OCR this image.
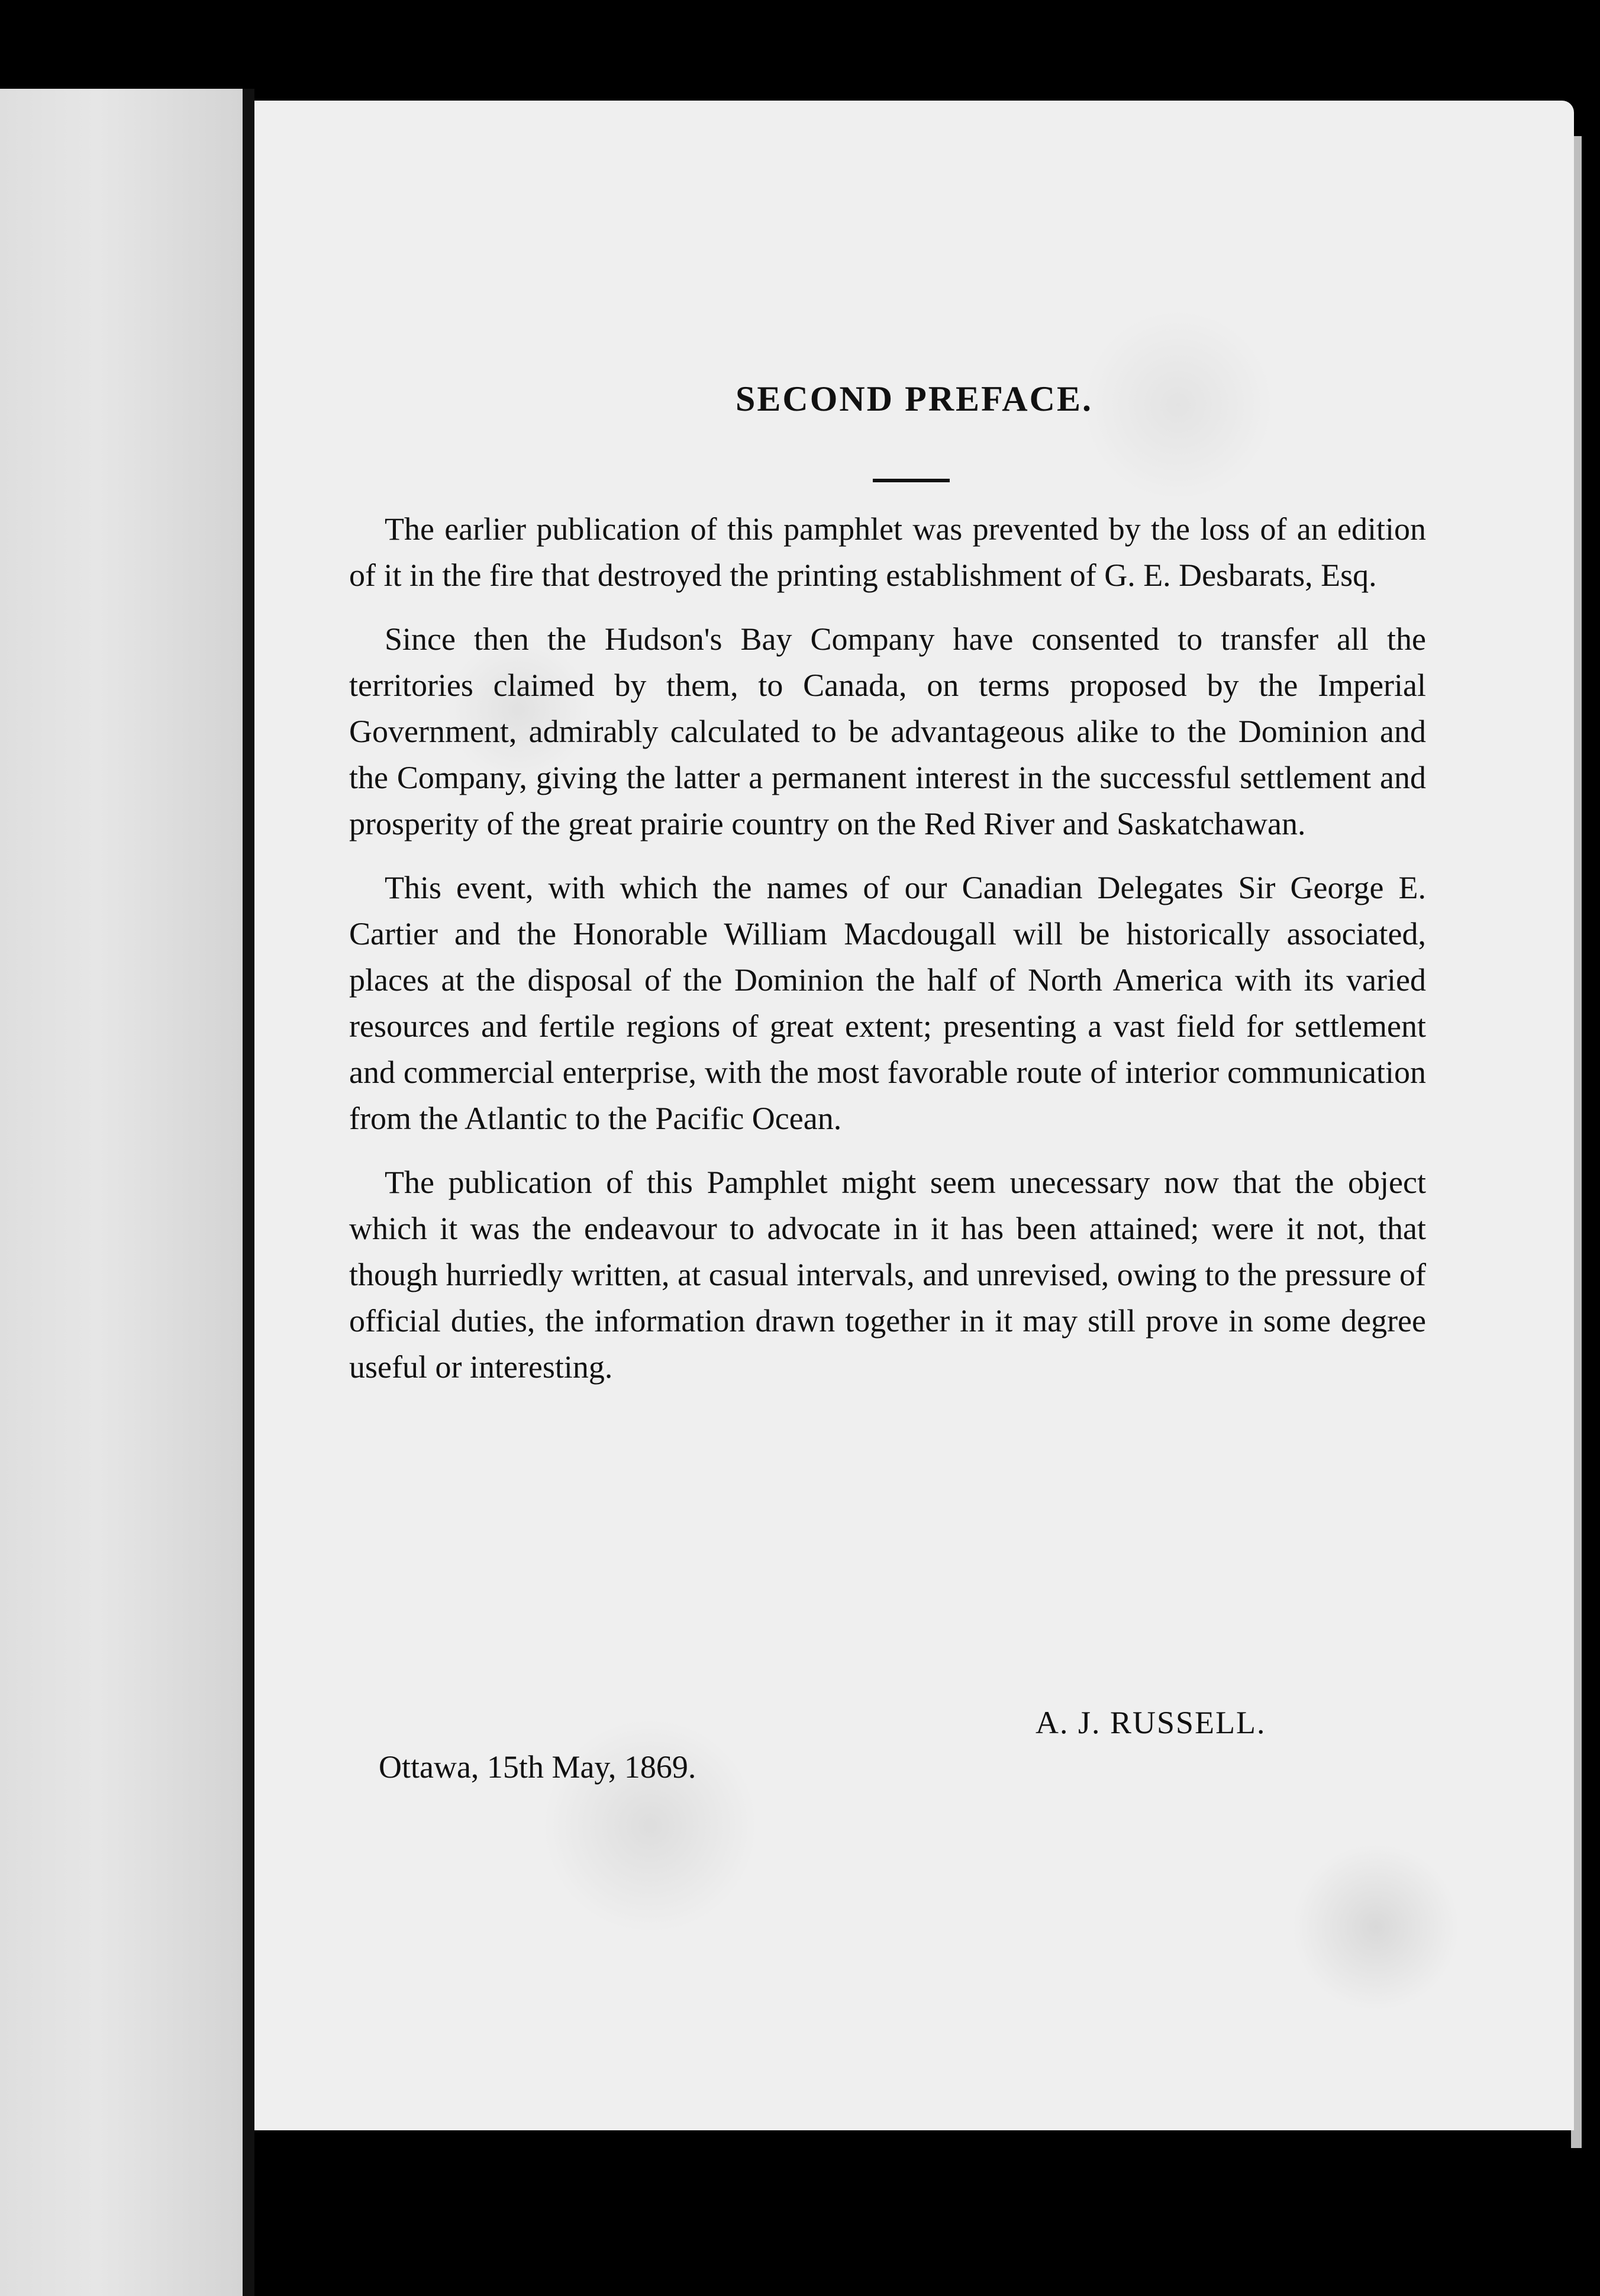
SECOND PREFACE.

The earlier publication of this pamphlet was prevented by the loss of an edition of it in the fire that destroyed the printing establishment of G. E. Desbarats, Esq.

Since then the Hudson's Bay Company have consented to transfer all the territories claimed by them, to Canada, on terms proposed by the Imperial Government, admirably calculated to be advantageous alike to the Dominion and the Company, giving the latter a permanent interest in the successful settlement and prosperity of the great prairie country on the Red River and Saskatchawan.

This event, with which the names of our Canadian Delegates Sir George E. Cartier and the Honorable William Macdougall will be historically associated, places at the disposal of the Dominion the half of North America with its varied resources and fertile regions of great extent; presenting a vast field for settlement and commercial enterprise, with the most favorable route of interior communication from the Atlantic to the Pacific Ocean.

The publication of this Pamphlet might seem unecessary now that the object which it was the endeavour to advocate in it has been attained; were it not, that though hurriedly written, at casual intervals, and unrevised, owing to the pressure of official duties, the information drawn together in it may still prove in some degree useful or interesting.

A. J. RUSSELL.

Ottawa, 15th May, 1869.
